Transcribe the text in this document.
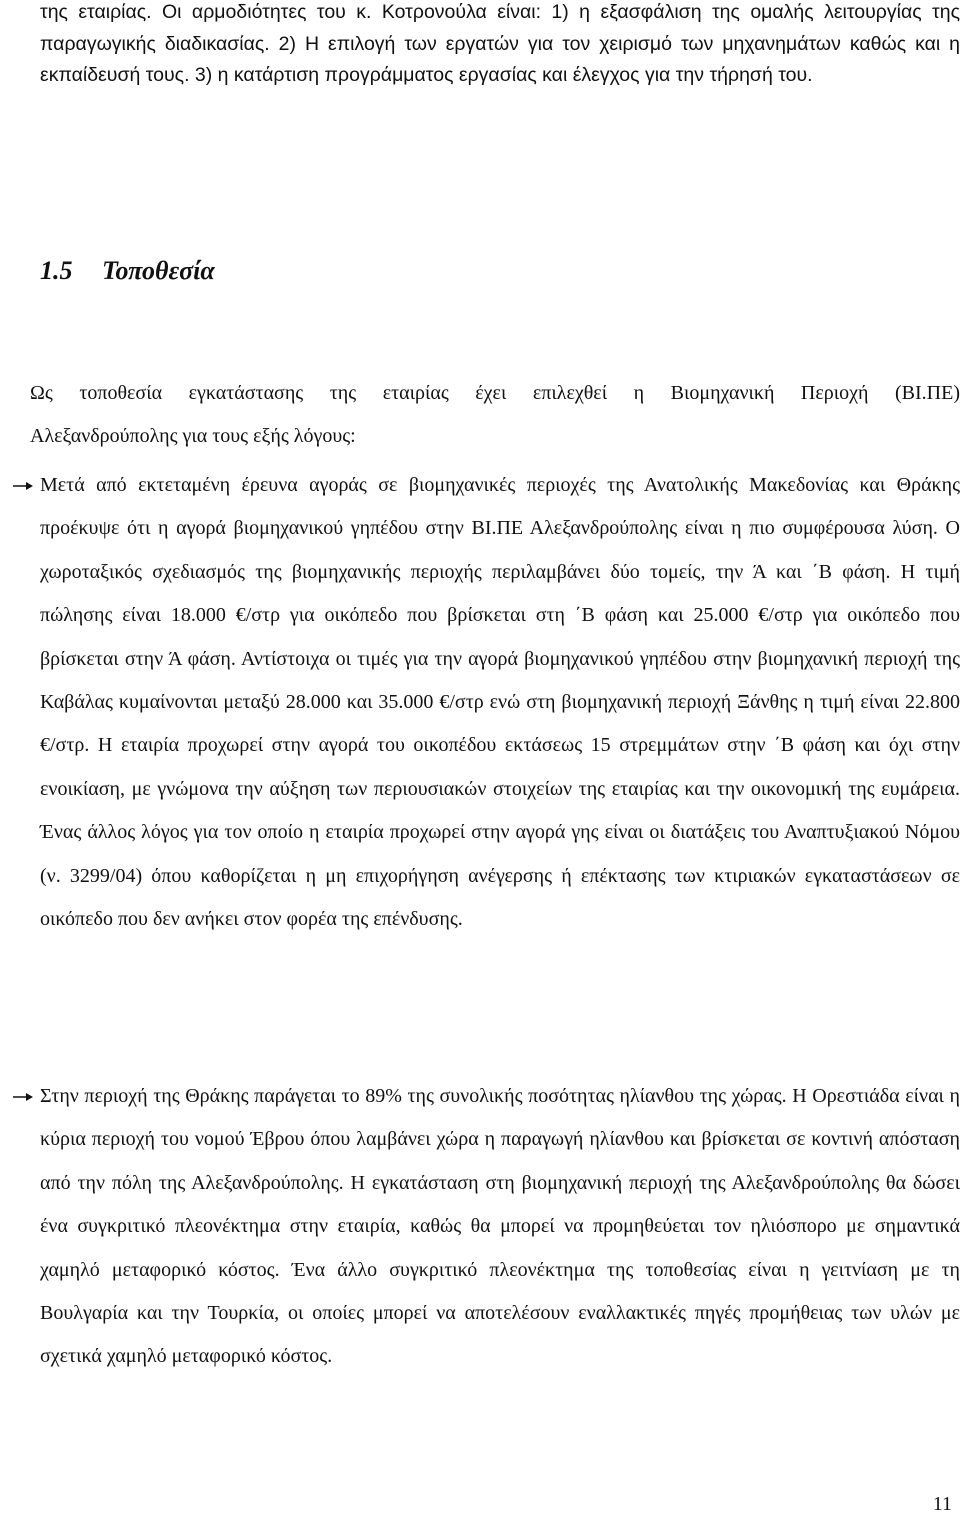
της εταιρίας. Οι αρμοδιότητες του κ. Κοτρονούλα είναι: 1) η εξασφάλιση της ομαλής λειτουργίας της παραγωγικής διαδικασίας. 2) Η επιλογή των εργατών για τον χειρισμό των μηχανημάτων καθώς και η εκπαίδευσή τους. 3) η κατάρτιση προγράμματος εργασίας και έλεγχος για την τήρησή του.

1.5 Τοποθεσία

Ως τοποθεσία εγκατάστασης της εταιρίας έχει επιλεχθεί η Βιομηχανική Περιοχή (ΒΙ.ΠΕ)

Αλεξανδρούπολης για τους εξής λόγους:

Μετά από εκτεταμένη έρευνα αγοράς σε βιομηχανικές περιοχές της Ανατολικής Μακεδονίας και Θράκης προέκυψε ότι η αγορά βιομηχανικού γηπέδου στην ΒΙ.ΠΕ Αλεξανδρούπολης είναι η πιο συμφέρουσα λύση. Ο χωροταξικός σχεδιασμός της βιομηχανικής περιοχής περιλαμβάνει δύο τομείς, την Ά και ΄Β φάση. Η τιμή πώλησης είναι 18.000 €/στρ για οικόπεδο που βρίσκεται στη ΄Β φάση και 25.000 €/στρ για οικόπεδο που βρίσκεται στην Ά φάση. Αντίστοιχα οι τιμές για την αγορά βιομηχανικού γηπέδου στην βιομηχανική περιοχή της Καβάλας κυμαίνονται μεταξύ 28.000 και 35.000 €/στρ ενώ στη βιομηχανική περιοχή Ξάνθης η τιμή είναι 22.800 €/στρ. Η εταιρία προχωρεί στην αγορά του οικοπέδου εκτάσεως 15 στρεμμάτων στην ΄Β φάση και όχι στην ενοικίαση, με γνώμονα την αύξηση των περιουσιακών στοιχείων της εταιρίας και την οικονομική της ευμάρεια. Ένας άλλος λόγος για τον οποίο η εταιρία προχωρεί στην αγορά γης είναι οι διατάξεις του Αναπτυξιακού Νόμου (ν. 3299/04) όπου καθορίζεται η μη επιχορήγηση ανέγερσης ή επέκτασης των κτιριακών εγκαταστάσεων σε οικόπεδο που δεν ανήκει στον φορέα της επένδυσης.

Στην περιοχή της Θράκης παράγεται το 89% της συνολικής ποσότητας ηλίανθου της χώρας. Η Ορεστιάδα είναι η κύρια περιοχή του νομού Έβρου όπου λαμβάνει χώρα η παραγωγή ηλίανθου και βρίσκεται σε κοντινή απόσταση από την πόλη της Αλεξανδρούπολης. Η εγκατάσταση στη βιομηχανική περιοχή της Αλεξανδρούπολης θα δώσει ένα συγκριτικό πλεονέκτημα στην εταιρία, καθώς θα μπορεί να προμηθεύεται τον ηλιόσπορο με σημαντικά χαμηλό μεταφορικό κόστος. Ένα άλλο συγκριτικό πλεονέκτημα της τοποθεσίας είναι η γειτνίαση με τη Βουλγαρία και την Τουρκία, οι οποίες μπορεί να αποτελέσουν εναλλακτικές πηγές προμήθειας των υλών με σχετικά χαμηλό μεταφορικό κόστος.

11
